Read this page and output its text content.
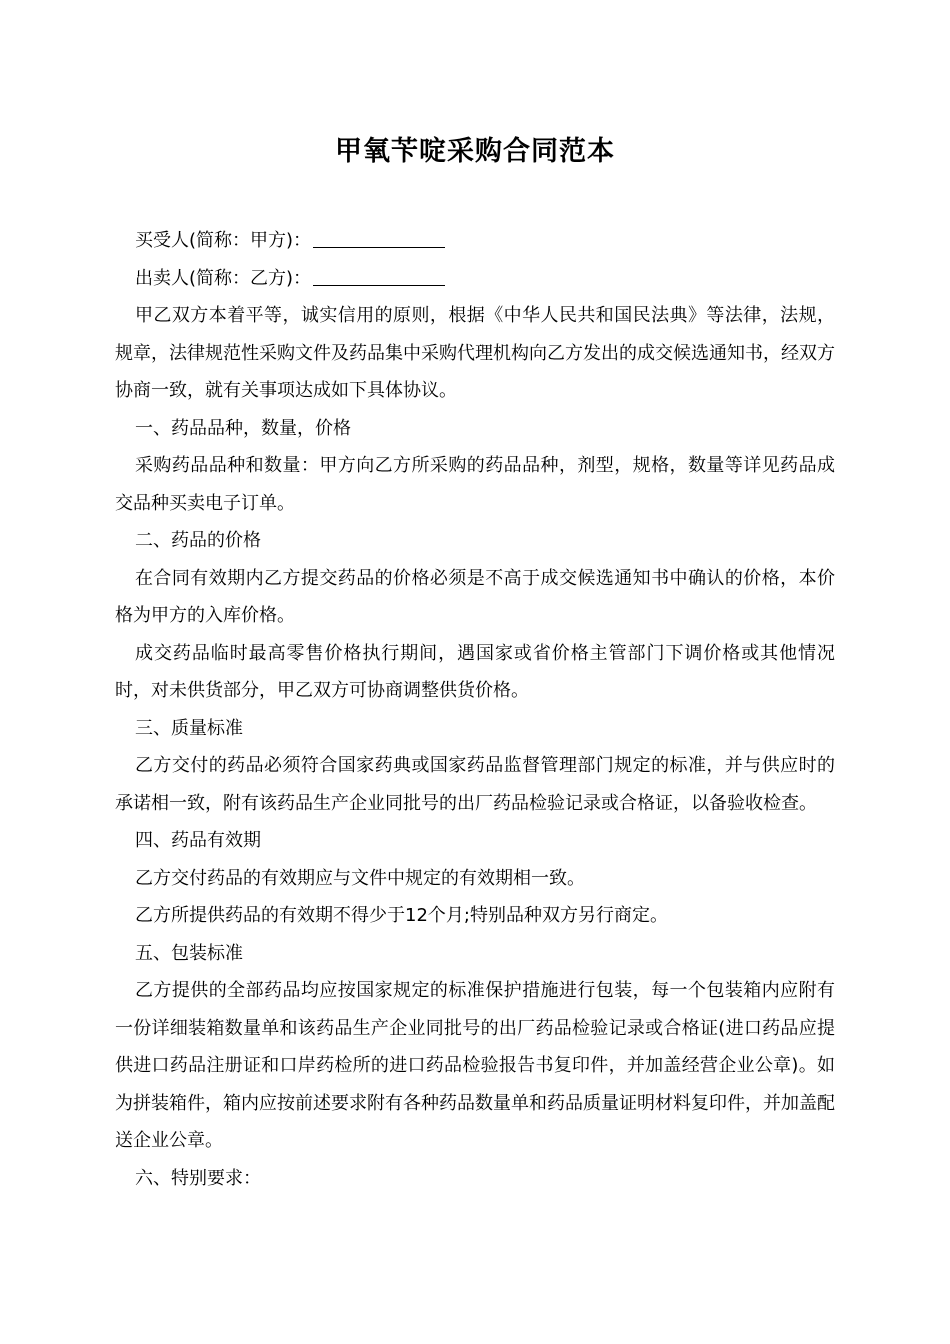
甲氧苄啶采购合同范本

买受人(简称：甲方)：

出卖人(简称：乙方)：

甲乙双方本着平等，诚实信用的原则，根据《中华人民共和国民法典》等法律，法规，规章，法律规范性采购文件及药品集中采购代理机构向乙方发出的成交候选通知书，经双方协商一致，就有关事项达成如下具体协议。

一、药品品种，数量，价格

采购药品品种和数量：甲方向乙方所采购的药品品种，剂型，规格，数量等详见药品成交品种买卖电子订单。

二、药品的价格

在合同有效期内乙方提交药品的价格必须是不高于成交候选通知书中确认的价格，本价格为甲方的入库价格。

成交药品临时最高零售价格执行期间，遇国家或省价格主管部门下调价格或其他情况时，对未供货部分，甲乙双方可协商调整供货价格。

三、质量标准

乙方交付的药品必须符合国家药典或国家药品监督管理部门规定的标准，并与供应时的承诺相一致，附有该药品生产企业同批号的出厂药品检验记录或合格证，以备验收检查。

四、药品有效期

乙方交付药品的有效期应与文件中规定的有效期相一致。

乙方所提供药品的有效期不得少于12个月;特别品种双方另行商定。

五、包装标准

乙方提供的全部药品均应按国家规定的标准保护措施进行包装，每一个包装箱内应附有一份详细装箱数量单和该药品生产企业同批号的出厂药品检验记录或合格证(进口药品应提供进口药品注册证和口岸药检所的进口药品检验报告书复印件，并加盖经营企业公章)。如为拼装箱件，箱内应按前述要求附有各种药品数量单和药品质量证明材料复印件，并加盖配送企业公章。

六、特别要求：
